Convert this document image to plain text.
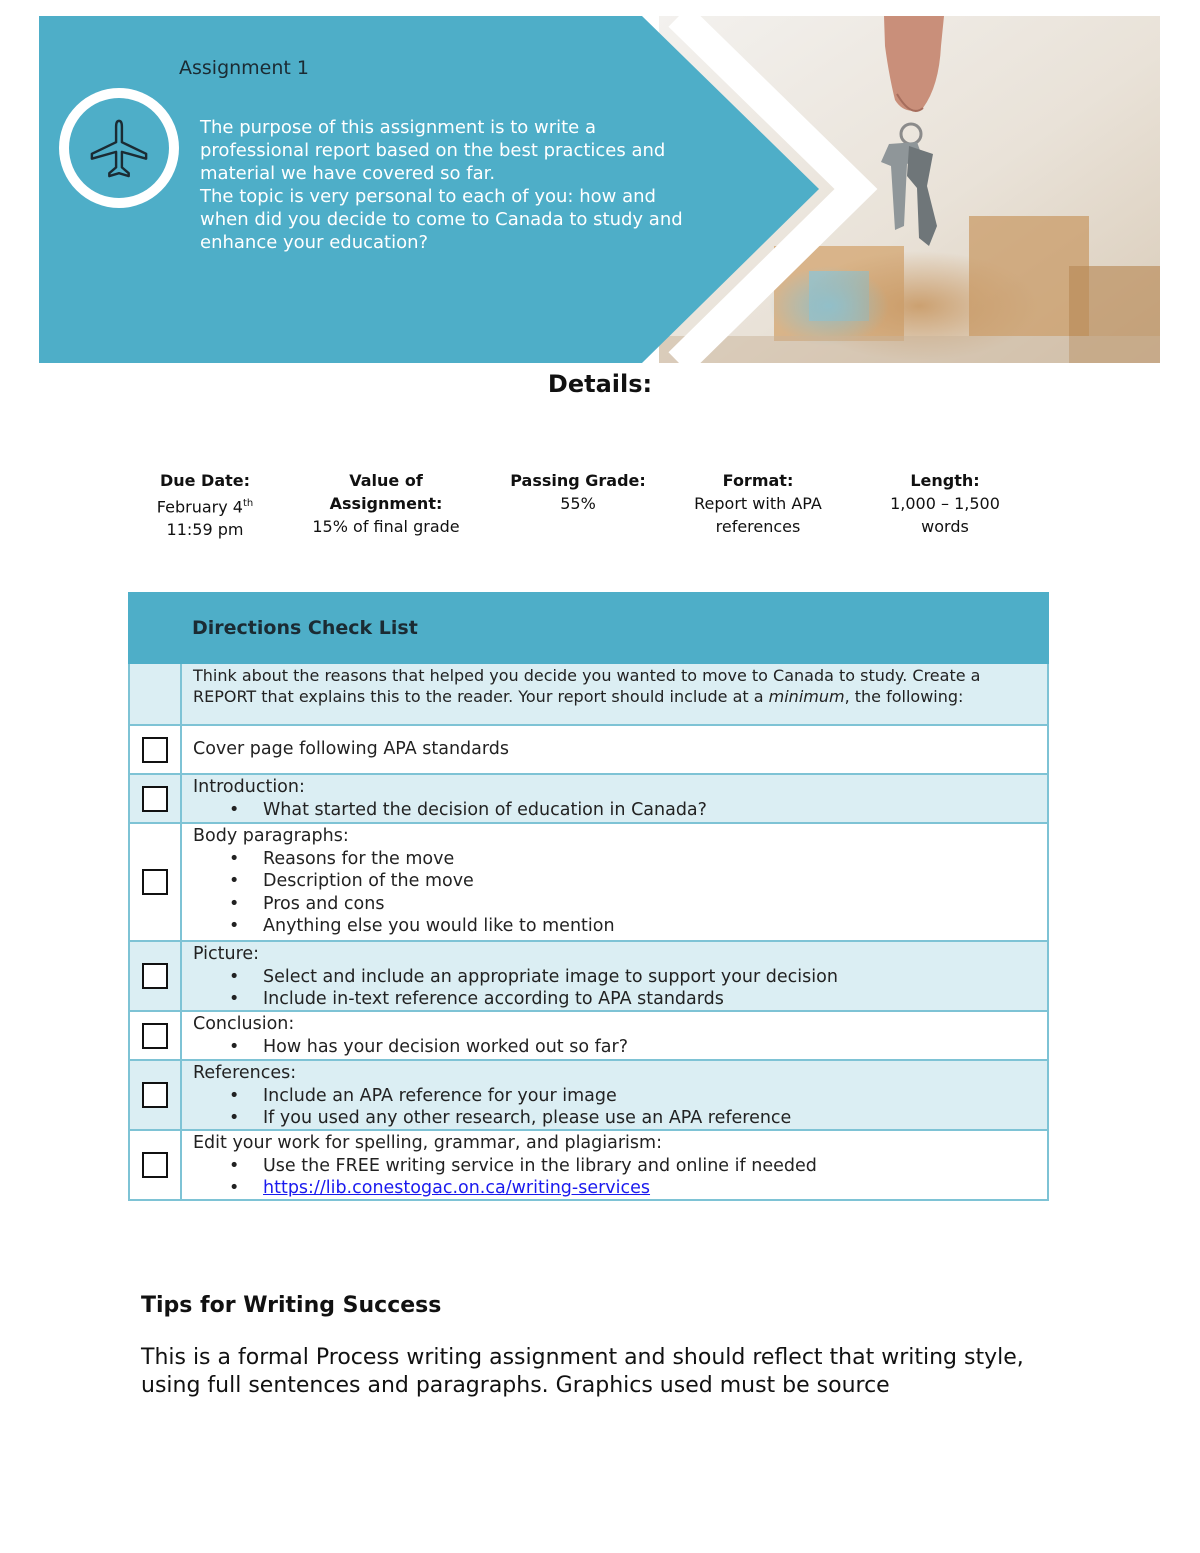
Assignment 1

The purpose of this assignment is to write a professional report based on the best practices and material we have covered so far.

The topic is very personal to each of you: how and when did you decide to come to Canada to study and enhance your education?

Details:
Due Date:
February 4th
11:59 pm
Value of
Assignment:
15% of final grade
Passing Grade:
55%
Format:
Report with APA
references
Length:
1,000 – 1,500
words
Directions Check List
Think about the reasons that helped you decide you wanted to move to Canada to study. Create a REPORT that explains this to the reader. Your report should include at a minimum, the following:
Cover page following APA standards
Introduction:
• What started the decision of education in Canada?
Body paragraphs:
• Reasons for the move
• Description of the move
• Pros and cons
• Anything else you would like to mention
Picture:
• Select and include an appropriate image to support your decision
• Include in-text reference according to APA standards
Conclusion:
• How has your decision worked out so far?
References:
• Include an APA reference for your image
• If you used any other research, please use an APA reference
Edit your work for spelling, grammar, and plagiarism:
• Use the FREE writing service in the library and online if needed
• https://lib.conestogac.on.ca/writing-services
Tips for Writing Success
This is a formal Process writing assignment and should reflect that writing style, using full sentences and paragraphs. Graphics used must be source
